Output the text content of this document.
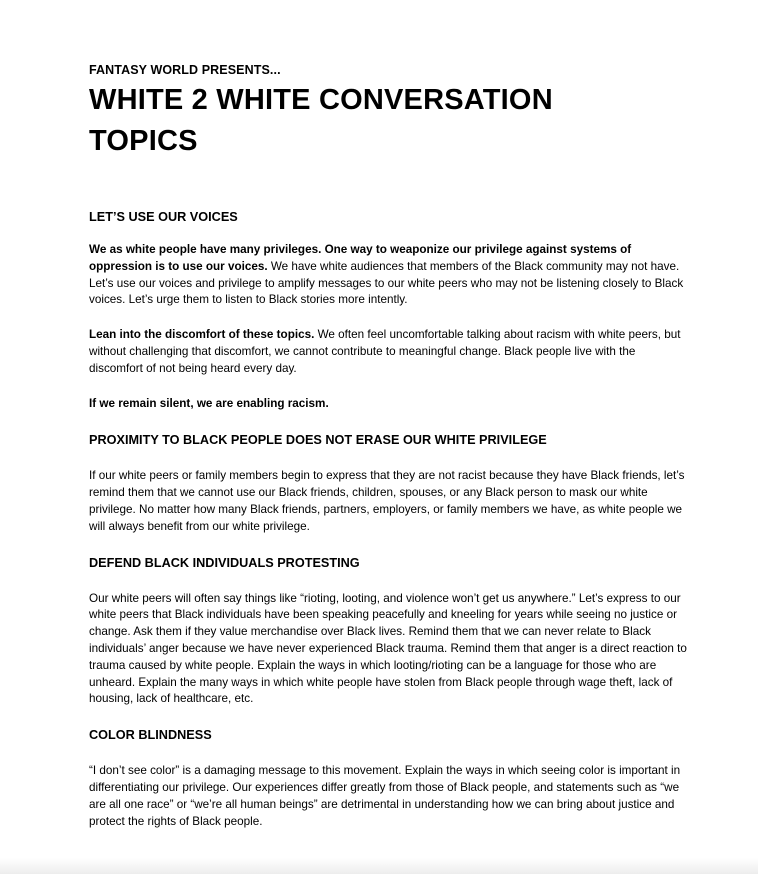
FANTASY WORLD PRESENTS...

WHITE 2 WHITE CONVERSATION
TOPICS
LET’S USE OUR VOICES

We as white people have many privileges. One way to weaponize our privilege against systems of oppression is to use our voices. We have white audiences that members of the Black community may not have. Let’s use our voices and privilege to amplify messages to our white peers who may not be listening closely to Black voices. Let’s urge them to listen to Black stories more intently.

Lean into the discomfort of these topics. We often feel uncomfortable talking about racism with white peers, but without challenging that discomfort, we cannot contribute to meaningful change. Black people live with the discomfort of not being heard every day.

If we remain silent, we are enabling racism.

PROXIMITY TO BLACK PEOPLE DOES NOT ERASE OUR WHITE PRIVILEGE

If our white peers or family members begin to express that they are not racist because they have Black friends, let’s remind them that we cannot use our Black friends, children, spouses, or any Black person to mask our white privilege. No matter how many Black friends, partners, employers, or family members we have, as white people we will always benefit from our white privilege.

DEFEND BLACK INDIVIDUALS PROTESTING

Our white peers will often say things like “rioting, looting, and violence won’t get us anywhere.” Let’s express to our white peers that Black individuals have been speaking peacefully and kneeling for years while seeing no justice or change. Ask them if they value merchandise over Black lives. Remind them that we can never relate to Black individuals’ anger because we have never experienced Black trauma. Remind them that anger is a direct reaction to trauma caused by white people. Explain the ways in which looting/rioting can be a language for those who are unheard. Explain the many ways in which white people have stolen from Black people through wage theft, lack of housing, lack of healthcare, etc.

COLOR BLINDNESS

“I don’t see color” is a damaging message to this movement. Explain the ways in which seeing color is important in differentiating our privilege. Our experiences differ greatly from those of Black people, and statements such as “we are all one race” or “we’re all human beings” are detrimental in understanding how we can bring about justice and protect the rights of Black people.
